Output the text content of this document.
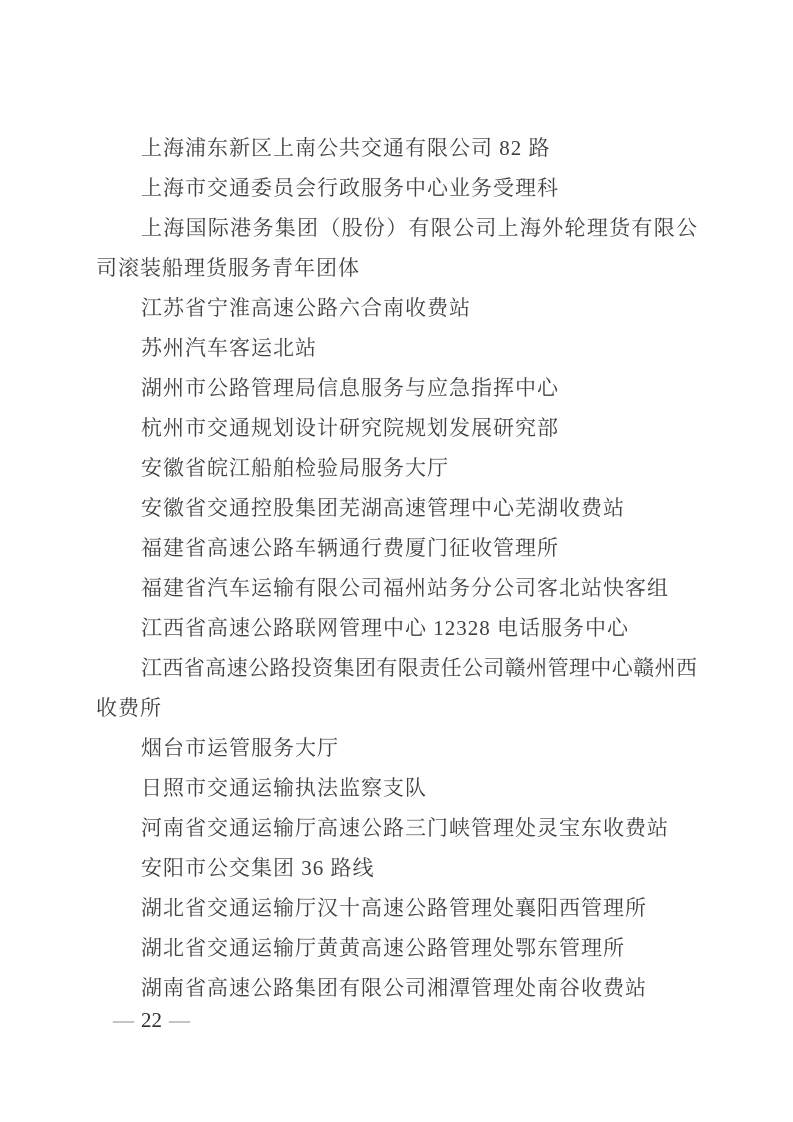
上海浦东新区上南公共交通有限公司 82 路
上海市交通委员会行政服务中心业务受理科
上海国际港务集团（股份）有限公司上海外轮理货有限公
司滚装船理货服务青年团体
江苏省宁淮高速公路六合南收费站
苏州汽车客运北站
湖州市公路管理局信息服务与应急指挥中心
杭州市交通规划设计研究院规划发展研究部
安徽省皖江船舶检验局服务大厅
安徽省交通控股集团芜湖高速管理中心芜湖收费站
福建省高速公路车辆通行费厦门征收管理所
福建省汽车运输有限公司福州站务分公司客北站快客组
江西省高速公路联网管理中心 12328 电话服务中心
江西省高速公路投资集团有限责任公司赣州管理中心赣州西
收费所
烟台市运管服务大厅
日照市交通运输执法监察支队
河南省交通运输厅高速公路三门峡管理处灵宝东收费站
安阳市公交集团 36 路线
湖北省交通运输厅汉十高速公路管理处襄阳西管理所
湖北省交通运输厅黄黄高速公路管理处鄂东管理所
湖南省高速公路集团有限公司湘潭管理处南谷收费站
— 22 —
